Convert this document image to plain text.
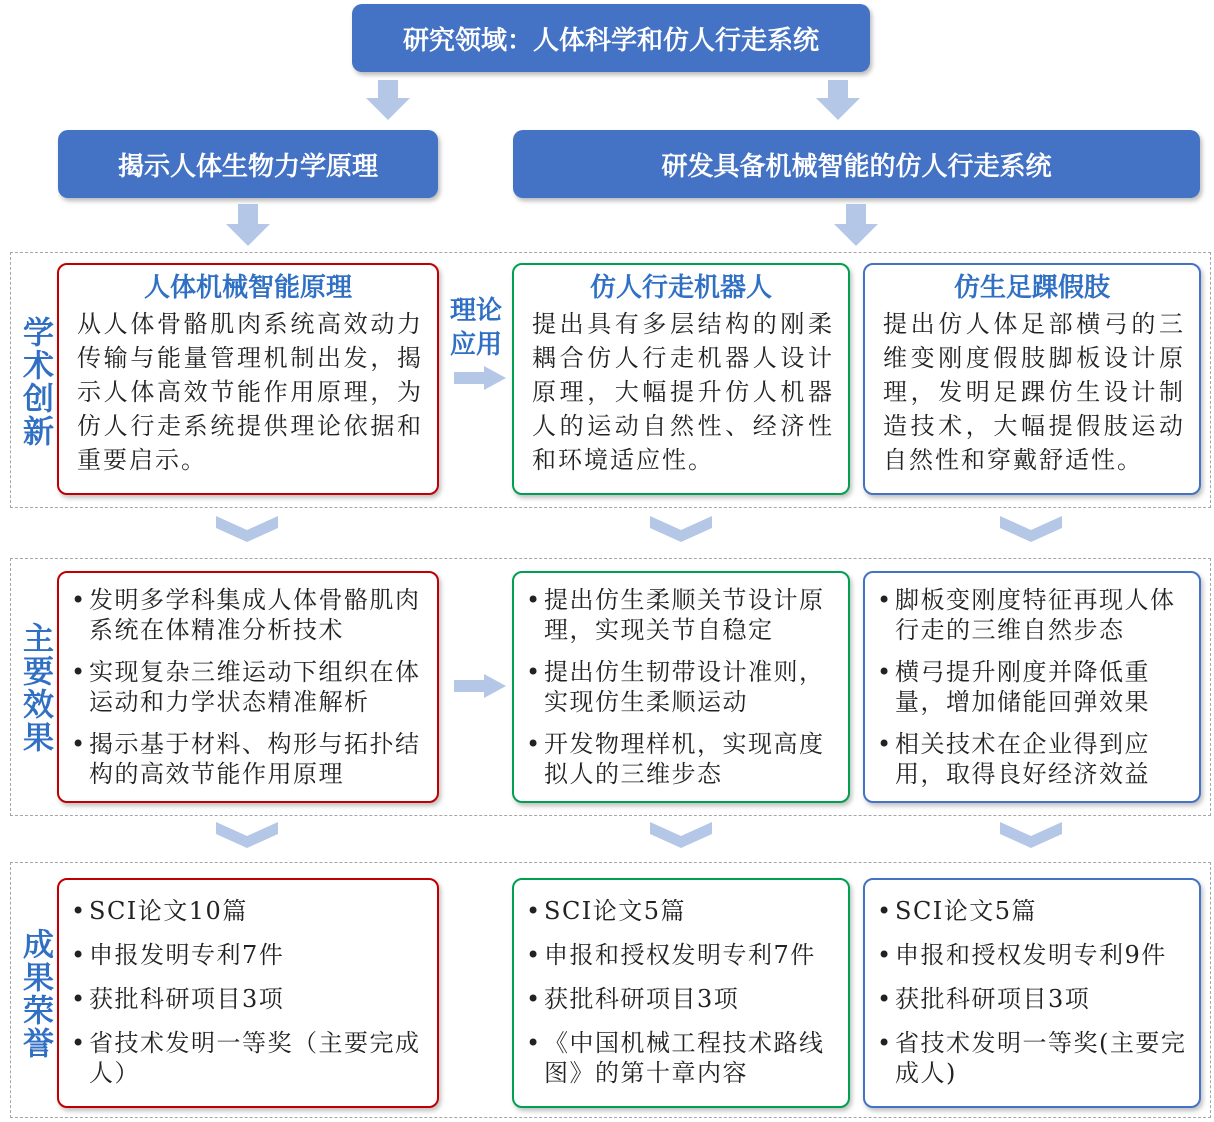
研究领域：人体科学和仿人行走系统
揭示人体生物力学原理	研发具备机械智能的仿人行走系统
学术创新
人体机械智能原理
从人体骨骼肌肉系统高效动力传输与能量管理机制出发，揭示人体高效节能作用原理，为仿人行走系统提供理论依据和重要启示。
理论应用
仿人行走机器人
提出具有多层结构的刚柔耦合仿人行走机器人设计原理，大幅提升仿人机器人的运动自然性、经济性和环境适应性。
仿生足踝假肢
提出仿人体足部横弓的三维变刚度假肢脚板设计原理，发明足踝仿生设计制造技术，大幅提假肢运动自然性和穿戴舒适性。
主要效果
• 发明多学科集成人体骨骼肌肉系统在体精准分析技术
• 实现复杂三维运动下组织在体运动和力学状态精准解析
• 揭示基于材料、构形与拓扑结构的高效节能作用原理
• 提出仿生柔顺关节设计原理，实现关节自稳定
• 提出仿生韧带设计准则，实现仿生柔顺运动
• 开发物理样机，实现高度拟人的三维步态
• 脚板变刚度特征再现人体行走的三维自然步态
• 横弓提升刚度并降低重量，增加储能回弹效果
• 相关技术在企业得到应用，取得良好经济效益
成果荣誉
• SCI论文10篇
• 申报发明专利7件
• 获批科研项目3项
• 省技术发明一等奖（主要完成人）
• SCI论文5篇
• 申报和授权发明专利7件
• 获批科研项目3项
• 《中国机械工程技术路线图》的第十章内容
• SCI论文5篇
• 申报和授权发明专利9件
• 获批科研项目3项
• 省技术发明一等奖(主要完成人)
